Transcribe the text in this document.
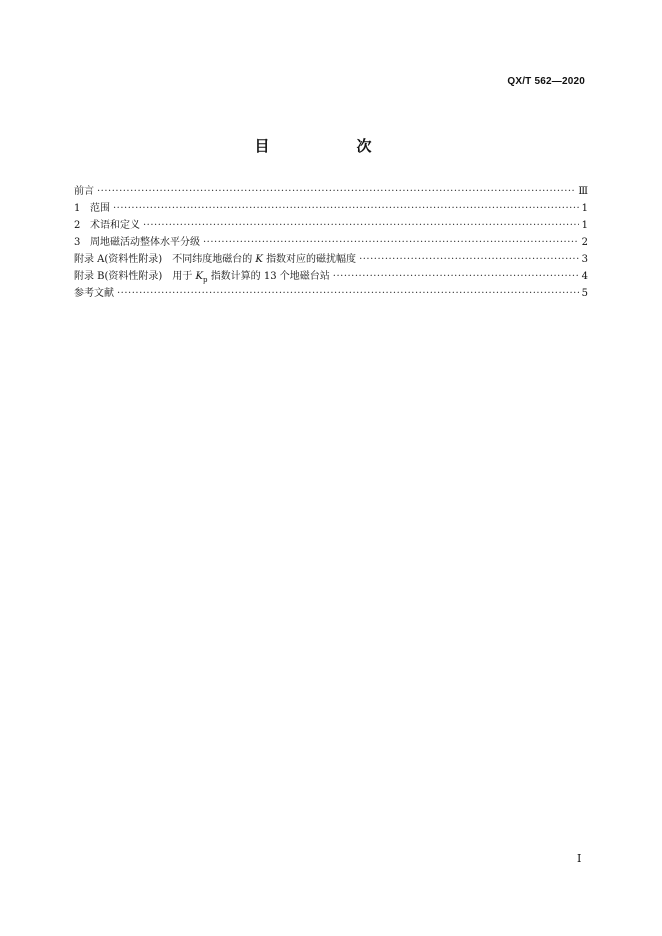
QX/T 562—2020
目　次
前言 ·····	Ⅲ
1 范围 ·····	1
2 术语和定义 ·····	1
3 周地磁活动整体水平分级 ·····	2
附录 A(资料性附录) 不同纬度地磁台的 K 指数对应的磁扰幅度 ·····	3
附录 B(资料性附录) 用于 $K_p$ 指数计算的 13 个地磁台站 ·····	4
参考文献 ·····	5
Ⅰ
